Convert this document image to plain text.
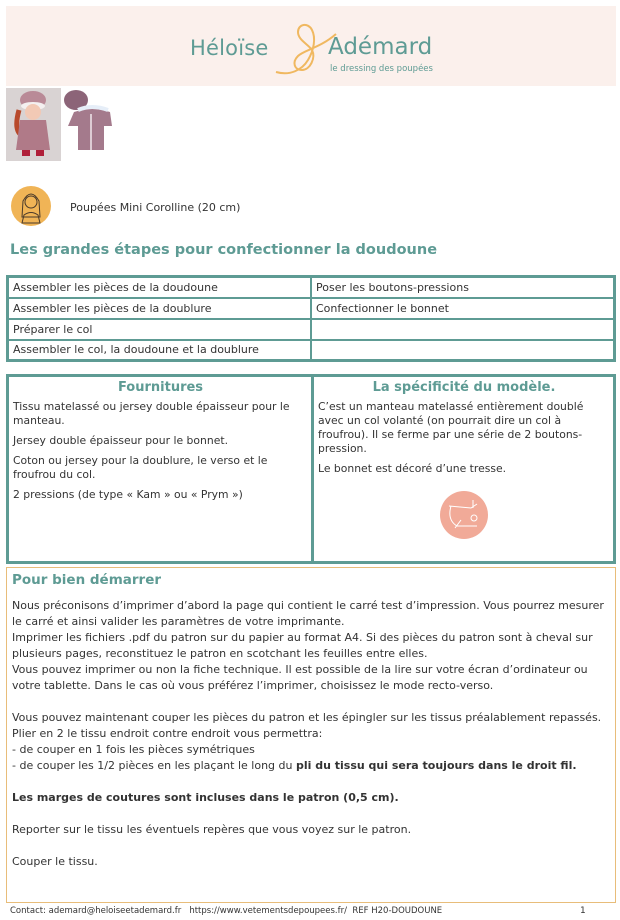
Héloïse	Adémard
le dressing des poupées
Poupées Mini Corolline (20 cm)
Les grandes étapes pour confectionner la doudoune
Assembler les pièces de la doudoune	Poser les boutons-pressions
Assembler les pièces de la doublure	Confectionner le bonnet
Préparer le col	
Assembler le col, la doudoune et la doublure	
Fournitures

Tissu matelassé ou jersey double épaisseur pour le manteau.

Jersey double épaisseur pour le bonnet.

Coton ou jersey pour la doublure, le verso et le froufrou du col.

2 pressions (de type « Kam » ou « Prym »)

La spécificité du modèle.

C’est un manteau matelassé entièrement doublé avec un col volanté (on pourrait dire un col à froufrou). Il se ferme par une série de 2 boutons-pression.

Le bonnet est décoré d’une tresse.

Pour bien démarrer

Nous préconisons d’imprimer d’abord la page qui contient le carré test d’impression. Vous pourrez mesurer le carré et ainsi valider les paramètres de votre imprimante.

Imprimer les fichiers .pdf du patron sur du papier au format A4. Si des pièces du patron sont à cheval sur plusieurs pages, reconstituez le patron en scotchant les feuilles entre elles.

Vous pouvez imprimer ou non la fiche technique. Il est possible de la lire sur votre écran d’ordinateur ou votre tablette. Dans le cas où vous préférez l’imprimer, choisissez le mode recto-verso.

Vous pouvez maintenant couper les pièces du patron et les épingler sur les tissus préalablement repassés.

Plier en 2 le tissu endroit contre endroit vous permettra:

- de couper en 1 fois les pièces symétriques

- de couper les 1/2 pièces en les plaçant le long du pli du tissu qui sera toujours dans le droit fil.

Les marges de coutures sont incluses dans le patron (0,5 cm).

Reporter sur le tissu les éventuels repères que vous voyez sur le patron.

Couper le tissu.

Contact: ademard@heloiseetademard.fr   https://www.vetementsdepoupees.fr/  REF H20-DOUDOUNE	1
